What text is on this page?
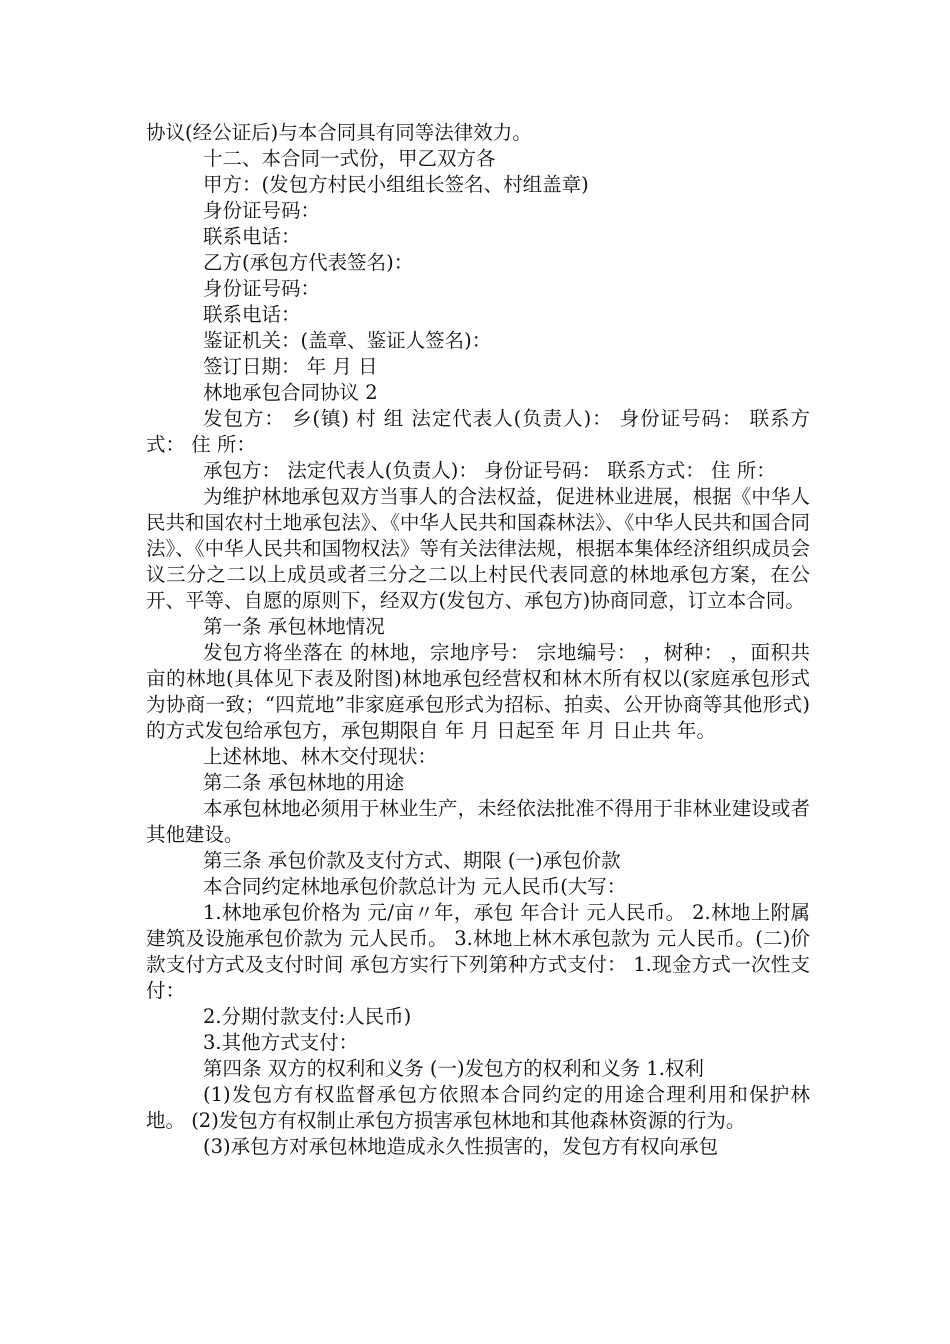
协议(经公证后)与本合同具有同等法律效力。

十二、本合同一式份，甲乙双方各

甲方：(发包方村民小组组长签名、村组盖章)

身份证号码：

联系电话：

乙方(承包方代表签名)：

身份证号码：

联系电话：

鉴证机关：(盖章、鉴证人签名)：

签订日期： 年 月 日

林地承包合同协议 2

发包方： 乡(镇) 村 组 法定代表人(负责人)： 身份证号码： 联系方式： 住 所：

承包方： 法定代表人(负责人)： 身份证号码： 联系方式： 住 所：

为维护林地承包双方当事人的合法权益，促进林业进展，根据《中华人民共和国农村土地承包法》、《中华人民共和国森林法》、《中华人民共和国合同法》、《中华人民共和国物权法》等有关法律法规，根据本集体经济组织成员会议三分之二以上成员或者三分之二以上村民代表同意的林地承包方案，在公开、平等、自愿的原则下，经双方(发包方、承包方)协商同意，订立本合同。

第一条 承包林地情况

发包方将坐落在 的林地，宗地序号： 宗地编号： ，树种： ，面积共 亩的林地(具体见下表及附图)林地承包经营权和林木所有权以(家庭承包形式为协商一致；“四荒地”非家庭承包形式为招标、拍卖、公开协商等其他形式)的方式发包给承包方，承包期限自 年 月 日起至 年 月 日止共 年。

上述林地、林木交付现状：

第二条 承包林地的用途

本承包林地必须用于林业生产，未经依法批准不得用于非林业建设或者其他建设。

第三条 承包价款及支付方式、期限 (一)承包价款

本合同约定林地承包价款总计为 元人民币(大写：

1.林地承包价格为 元/亩〃年，承包 年合计 元人民币。 2.林地上附属建筑及设施承包价款为 元人民币。 3.林地上林木承包款为 元人民币。(二)价款支付方式及支付时间 承包方实行下列第种方式支付： 1.现金方式一次性支付：

2.分期付款支付:人民币)

3.其他方式支付：

第四条 双方的权利和义务 (一)发包方的权利和义务 1.权利

(1)发包方有权监督承包方依照本合同约定的用途合理利用和保护林地。 (2)发包方有权制止承包方损害承包林地和其他森林资源的行为。

(3)承包方对承包林地造成永久性损害的，发包方有权向承包
